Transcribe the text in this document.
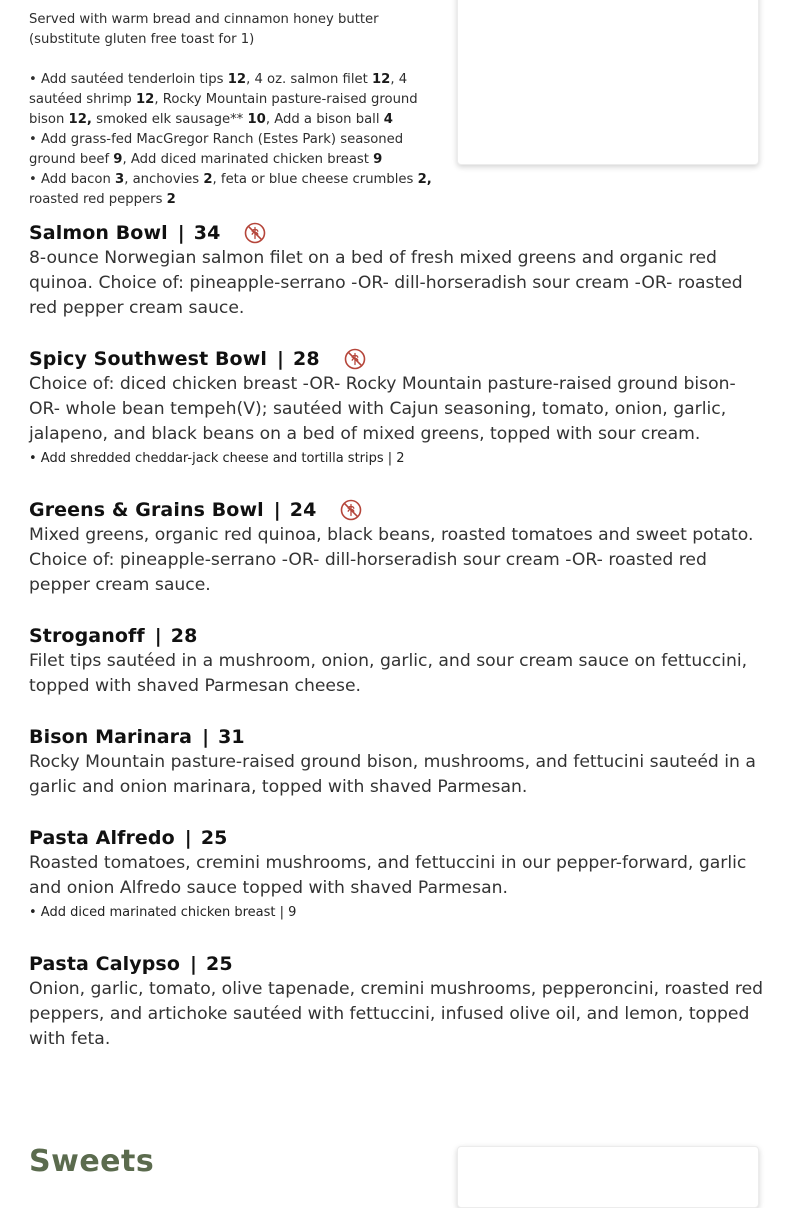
Served with warm bread and cinnamon honey butter

(substitute gluten free toast for 1)

• Add sautéed tenderloin tips 12, 4 oz. salmon filet 12, 4
sautéed shrimp 12, Rocky Mountain pasture-raised ground
bison 12, smoked elk sausage** 10, Add a bison ball 4

• Add grass-fed MacGregor Ranch (Estes Park) seasoned
ground beef 9, Add diced marinated chicken breast 9

• Add bacon 3, anchovies 2, feta or blue cheese crumbles 2,
roasted red peppers 2

Salmon Bowl | 34

8-ounce Norwegian salmon filet on a bed of fresh mixed greens and organic red quinoa. Choice of: pineapple-serrano -OR- dill-horseradish sour cream -OR- roasted red pepper cream sauce.

Spicy Southwest Bowl | 28

Choice of: diced chicken breast -OR- Rocky Mountain pasture-raised ground bison-OR- whole bean tempeh(V); sautéed with Cajun seasoning, tomato, onion, garlic, jalapeno, and black beans on a bed of mixed greens, topped with sour cream.

• Add shredded cheddar-jack cheese and tortilla strips | 2

Greens & Grains Bowl | 24

Mixed greens, organic red quinoa, black beans, roasted tomatoes and sweet potato. Choice of: pineapple-serrano -OR- dill-horseradish sour cream -OR- roasted red pepper cream sauce.

Stroganoff | 28

Filet tips sautéed in a mushroom, onion, garlic, and sour cream sauce on fettuccini, topped with shaved Parmesan cheese.

Bison Marinara | 31

Rocky Mountain pasture-raised ground bison, mushrooms, and fettucini sauteéd in a garlic and onion marinara, topped with shaved Parmesan.

Pasta Alfredo | 25

Roasted tomatoes, cremini mushrooms, and fettuccini in our pepper-forward, garlic and onion Alfredo sauce topped with shaved Parmesan.

• Add diced marinated chicken breast | 9

Pasta Calypso | 25

Onion, garlic, tomato, olive tapenade, cremini mushrooms, pepperoncini, roasted red peppers, and artichoke sautéed with fettuccini, infused olive oil, and lemon, topped with feta.

Sweets
